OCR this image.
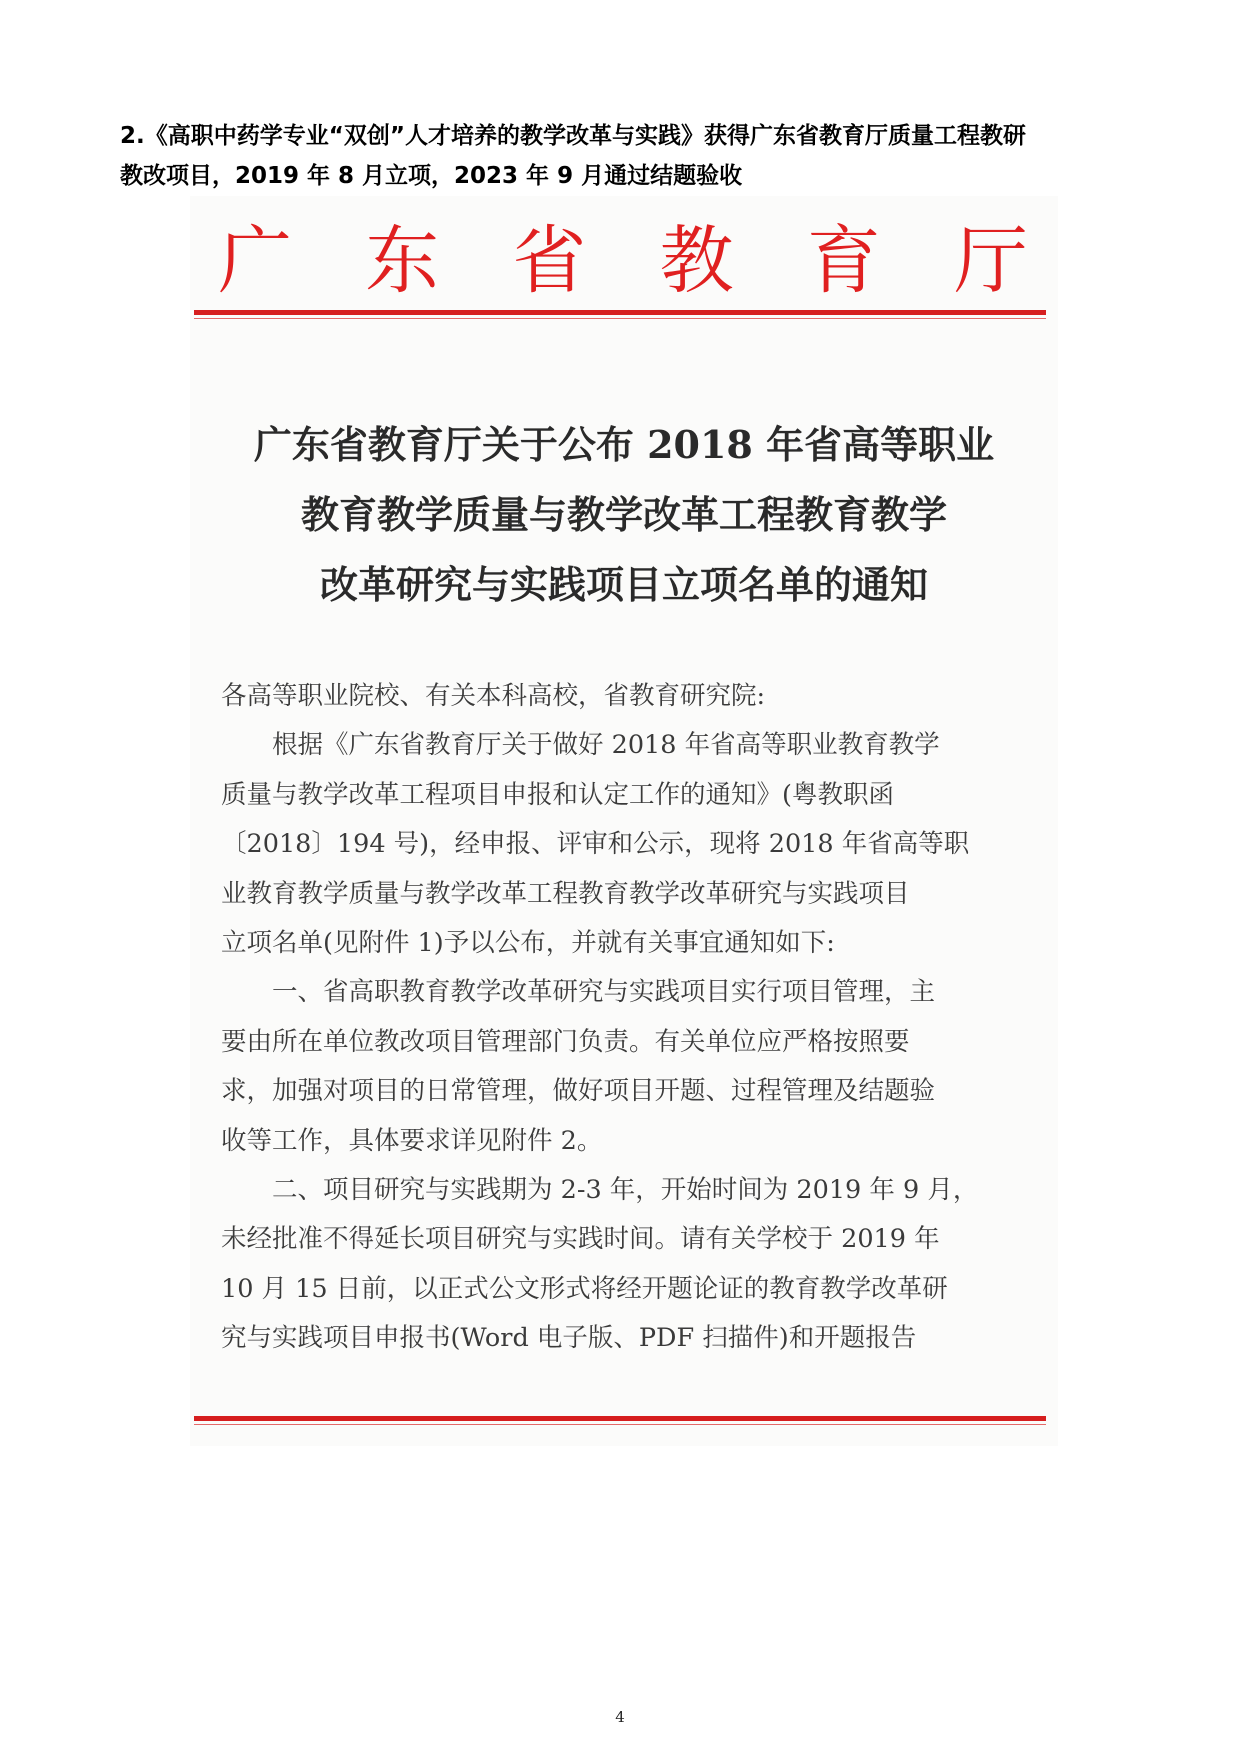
2.《高职中药学专业“双创”人才培养的教学改革与实践》获得广东省教育厅质量工程教研

教改项目，2019 年 8 月立项，2023 年 9 月通过结题验收

广 东 省 教 育 厅

广东省教育厅关于公布 2018 年省高等职业

教育教学质量与教学改革工程教育教学

改革研究与实践项目立项名单的通知

各高等职业院校、有关本科高校，省教育研究院:

根据《广东省教育厅关于做好 2018 年省高等职业教育教学

质量与教学改革工程项目申报和认定工作的通知》(粤教职函

〔2018〕194 号)，经申报、评审和公示，现将 2018 年省高等职

业教育教学质量与教学改革工程教育教学改革研究与实践项目

立项名单(见附件 1)予以公布，并就有关事宜通知如下:

一、省高职教育教学改革研究与实践项目实行项目管理，主

要由所在单位教改项目管理部门负责。有关单位应严格按照要

求，加强对项目的日常管理，做好项目开题、过程管理及结题验

收等工作，具体要求详见附件 2。

二、项目研究与实践期为 2-3 年，开始时间为 2019 年 9 月，

未经批准不得延长项目研究与实践时间。请有关学校于 2019 年

10 月 15 日前，以正式公文形式将经开题论证的教育教学改革研

究与实践项目申报书(Word 电子版、PDF 扫描件)和开题报告

4
